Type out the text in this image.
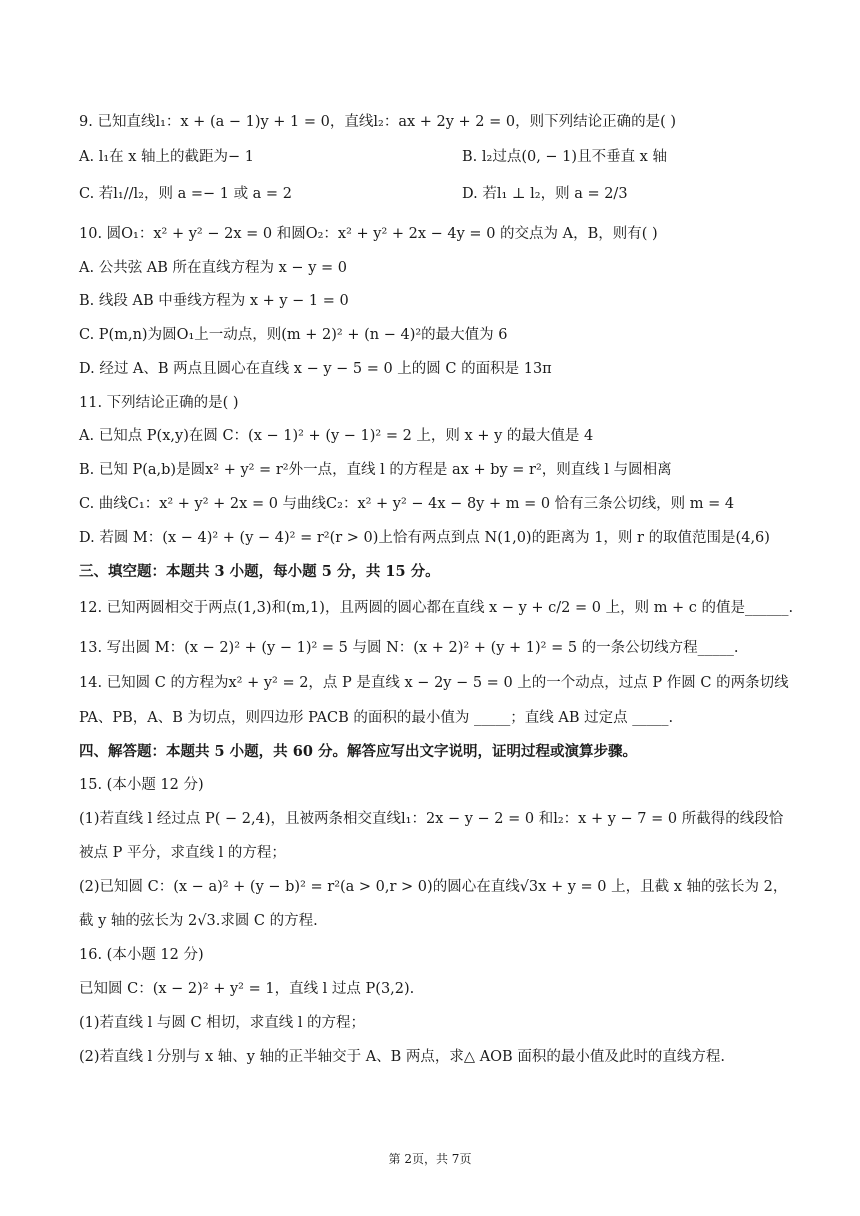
9. 已知直线l₁：x + (a − 1)y + 1 = 0，直线l₂：ax + 2y + 2 = 0，则下列结论正确的是( )
A. l₁在 x 轴上的截距为− 1	B. l₂过点(0, − 1)且不垂直 x 轴
C. 若l₁//l₂，则 a =− 1 或 a = 2	D. 若l₁ ⊥ l₂，则 a = 2/3
10. 圆O₁：x² + y² − 2x = 0 和圆O₂：x² + y² + 2x − 4y = 0 的交点为 A，B，则有( )
A. 公共弦 AB 所在直线方程为 x − y = 0
B. 线段 AB 中垂线方程为 x + y − 1 = 0
C. P(m,n)为圆O₁上一动点，则(m + 2)² + (n − 4)²的最大值为 6
D. 经过 A、B 两点且圆心在直线 x − y − 5 = 0 上的圆 C 的面积是 13π
11. 下列结论正确的是( )
A. 已知点 P(x,y)在圆 C：(x − 1)² + (y − 1)² = 2 上，则 x + y 的最大值是 4
B. 已知 P(a,b)是圆x² + y² = r²外一点，直线 l 的方程是 ax + by = r²，则直线 l 与圆相离
C. 曲线C₁：x² + y² + 2x = 0 与曲线C₂：x² + y² − 4x − 8y + m = 0 恰有三条公切线，则 m = 4
D. 若圆 M：(x − 4)² + (y − 4)² = r²(r > 0)上恰有两点到点 N(1,0)的距离为 1，则 r 的取值范围是(4,6)
三、填空题：本题共 3 小题，每小题 5 分，共 15 分。
12. 已知两圆相交于两点(1,3)和(m,1)，且两圆的圆心都在直线 x − y + c/2 = 0 上，则 m + c 的值是______.
13. 写出圆 M：(x − 2)² + (y − 1)² = 5 与圆 N：(x + 2)² + (y + 1)² = 5 的一条公切线方程_____.
14. 已知圆 C 的方程为x² + y² = 2，点 P 是直线 x − 2y − 5 = 0 上的一个动点，过点 P 作圆 C 的两条切线
PA、PB，A、B 为切点，则四边形 PACB 的面积的最小值为 _____；直线 AB 过定点 _____.
四、解答题：本题共 5 小题，共 60 分。解答应写出文字说明，证明过程或演算步骤。
15. (本小题 12 分)
(1)若直线 l 经过点 P( − 2,4)，且被两条相交直线l₁：2x − y − 2 = 0 和l₂：x + y − 7 = 0 所截得的线段恰
被点 P 平分，求直线 l 的方程；
(2)已知圆 C：(x − a)² + (y − b)² = r²(a > 0,r > 0)的圆心在直线√3x + y = 0 上，且截 x 轴的弦长为 2，
截 y 轴的弦长为 2√3.求圆 C 的方程.
16. (本小题 12 分)
已知圆 C：(x − 2)² + y² = 1，直线 l 过点 P(3,2).
(1)若直线 l 与圆 C 相切，求直线 l 的方程；
(2)若直线 l 分别与 x 轴、y 轴的正半轴交于 A、B 两点，求△ AOB 面积的最小值及此时的直线方程.
第 2页，共 7页
